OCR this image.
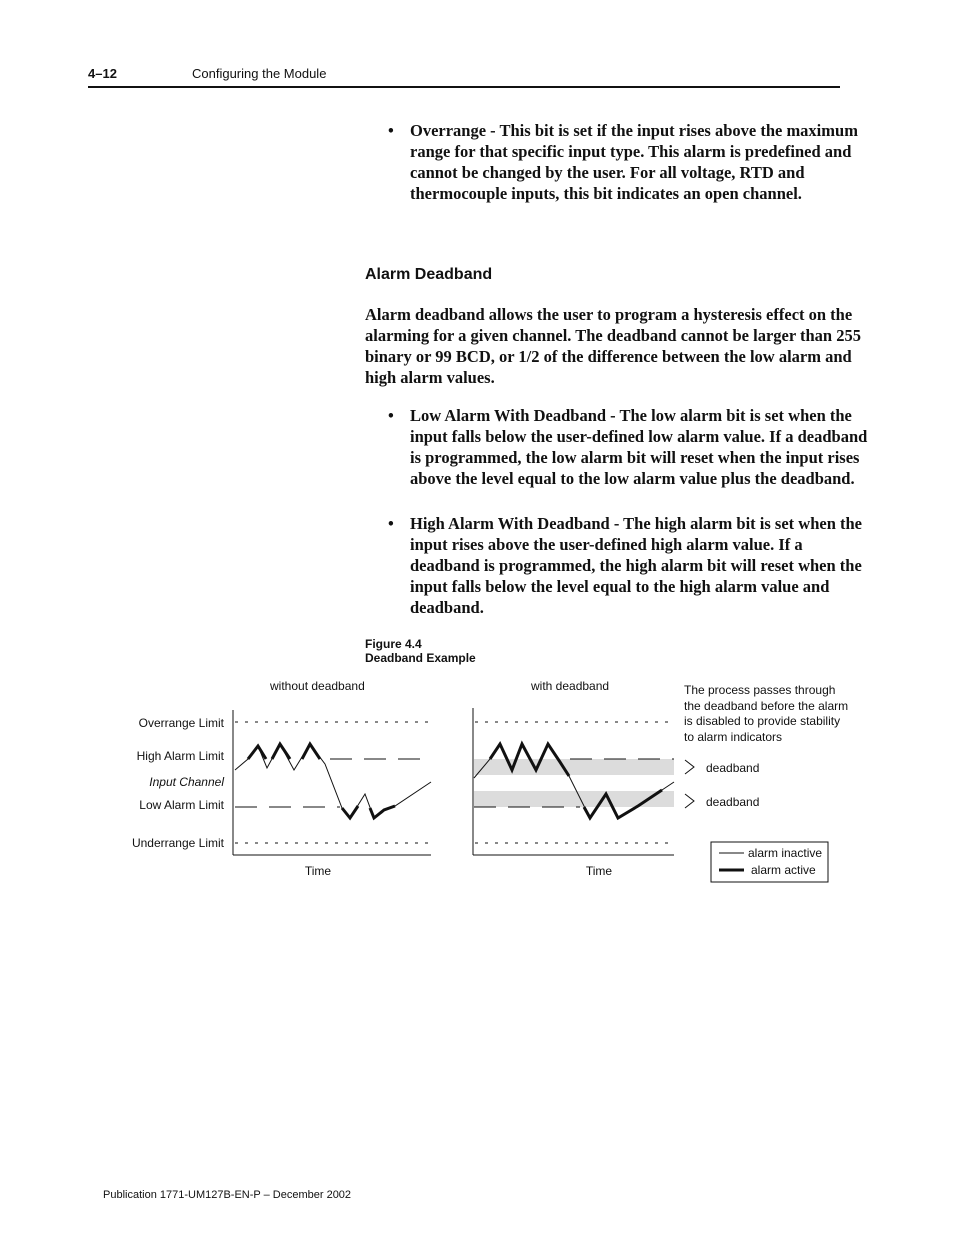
4–12	Configuring the Module
• Overrange - This bit is set if the input rises above the maximum range for that specific input type. This alarm is predefined and cannot be changed by the user. For all voltage, RTD and thermocouple inputs, this bit indicates an open channel.
Alarm Deadband
Alarm deadband allows the user to program a hysteresis effect on the alarming for a given channel. The deadband cannot be larger than 255 binary or 99 BCD, or 1/2 of the difference between the low alarm and high alarm values.
• Low Alarm With Deadband - The low alarm bit is set when the input falls below the user-defined low alarm value. If a deadband is programmed, the low alarm bit will reset when the input rises above the level equal to the low alarm value plus the deadband.
• High Alarm With Deadband - The high alarm bit is set when the input rises above the user-defined high alarm value. If a deadband is programmed, the high alarm bit will reset when the input falls below the level equal to the high alarm value and deadband.
Figure 4.4
Deadband Example
without deadband	with deadband
Overrange Limit
High Alarm Limit
Input Channel
Low Alarm Limit
Underrange Limit
Time	Time
The process passes through
the deadband before the alarm
is disabled to provide stability
to alarm indicators
deadband
deadband
alarm inactive
alarm active
Publication 1771-UM127B-EN-P – December 2002
